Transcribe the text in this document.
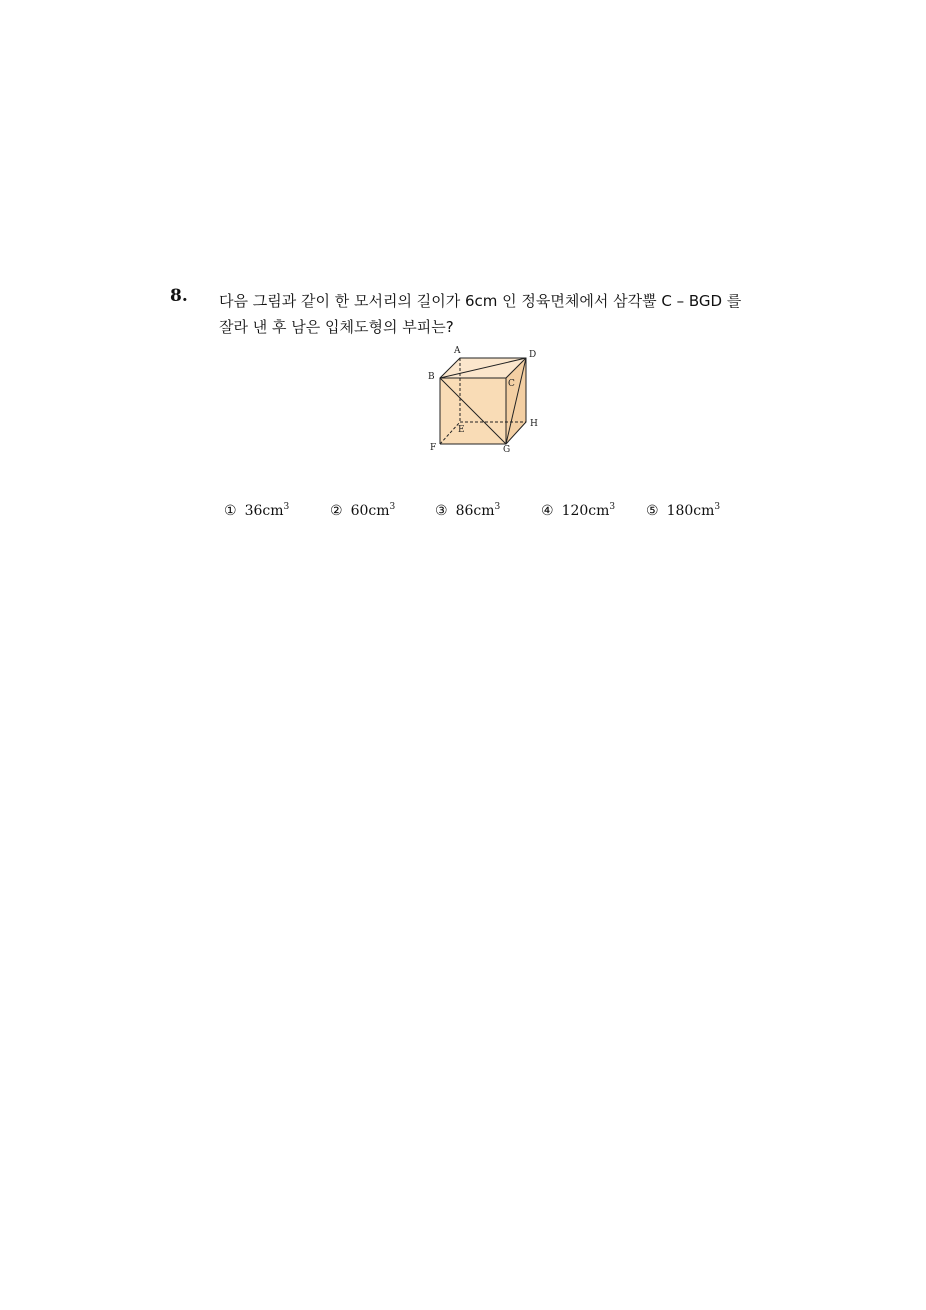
8. 다음 그림과 같이 한 모서리의 길이가 6cm 인 정육면체에서 삼각뿔 C – BGD 를
잘라 낸 후 남은 입체도형의 부피는?
A	D
B
C
H
E
F	G
① $36cm^3$	② $60cm^3$	③ $86cm^3$	④ $120cm^3$ ⑤ $180cm^3$
